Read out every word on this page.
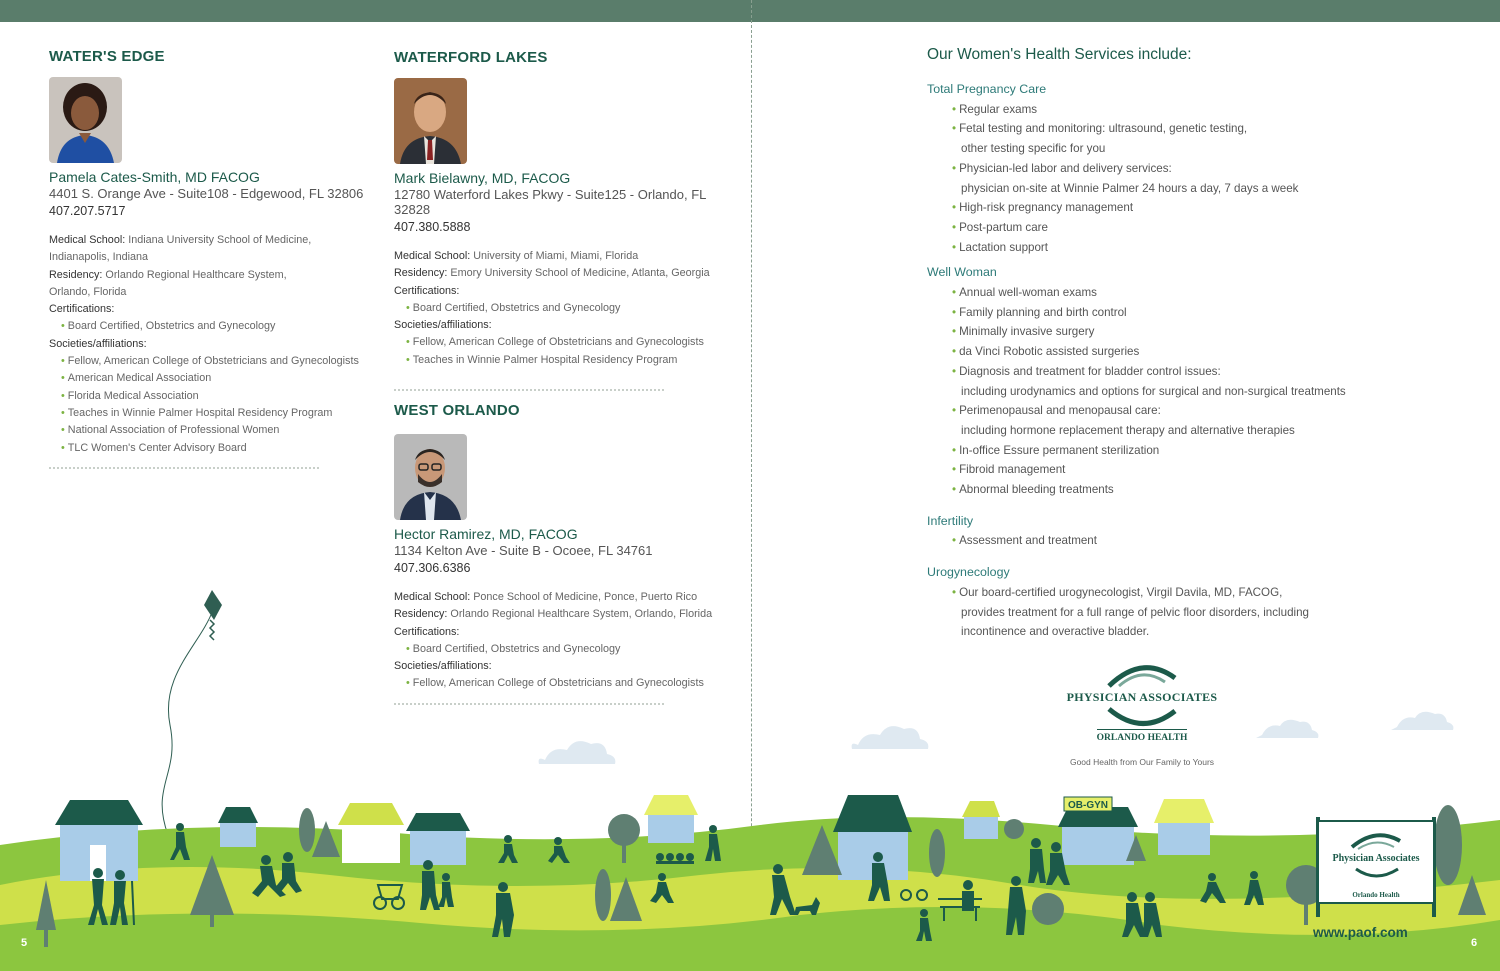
WATER'S EDGE
Pamela Cates-Smith, MD FACOG
4401 S. Orange Ave - Suite108 - Edgewood, FL 32806
407.207.5717
Medical School: Indiana University School of Medicine,
Indianapolis, Indiana
Residency: Orlando Regional Healthcare System,
Orlando, Florida
Certifications:
• Board Certified, Obstetrics and Gynecology
Societies/affiliations:
• Fellow, American College of Obstetricians and Gynecologists
• American Medical Association
• Florida Medical Association
• Teaches in Winnie Palmer Hospital Residency Program
• National Association of Professional Women
• TLC Women's Center Advisory Board
WATERFORD LAKES
Mark Bielawny, MD, FACOG
12780 Waterford Lakes Pkwy - Suite125 - Orlando, FL 32828
407.380.5888
Medical School: University of Miami, Miami, Florida
Residency: Emory University School of Medicine, Atlanta, Georgia
Certifications:
• Board Certified, Obstetrics and Gynecology
Societies/affiliations:
• Fellow, American College of Obstetricians and Gynecologists
• Teaches in Winnie Palmer Hospital Residency Program
WEST ORLANDO
Hector Ramirez, MD, FACOG
1134 Kelton Ave - Suite B - Ocoee, FL 34761
407.306.6386
Medical School: Ponce School of Medicine, Ponce, Puerto Rico
Residency: Orlando Regional Healthcare System, Orlando, Florida
Certifications:
• Board Certified, Obstetrics and Gynecology
Societies/affiliations:
• Fellow, American College of Obstetricians and Gynecologists
Our Women's Health Services include:
Total Pregnancy Care
• Regular exams
• Fetal testing and monitoring: ultrasound, genetic testing,
other testing specific for you
• Physician-led labor and delivery services:
physician on-site at Winnie Palmer 24 hours a day, 7 days a week
• High-risk pregnancy management
• Post-partum care
• Lactation support
Well Woman
• Annual well-woman exams
• Family planning and birth control
• Minimally invasive surgery
• da Vinci Robotic assisted surgeries
• Diagnosis and treatment for bladder control issues:
including urodynamics and options for surgical and non-surgical treatments
• Perimenopausal and menopausal care:
including hormone replacement therapy and alternative therapies
• In-office Essure permanent sterilization
• Fibroid management
• Abnormal bleeding treatments
Infertility
• Assessment and treatment
Urogynecology
• Our board-certified urogynecologist, Virgil Davila, MD, FACOG,
provides treatment for a full range of pelvic floor disorders, including
incontinence and overactive bladder.
PHYSICIAN ASSOCIATES
ORLANDO HEALTH
Good Health from Our Family to Yours
OB-GYN
Physician Associates
Orlando Health
5	6
www.paof.com
